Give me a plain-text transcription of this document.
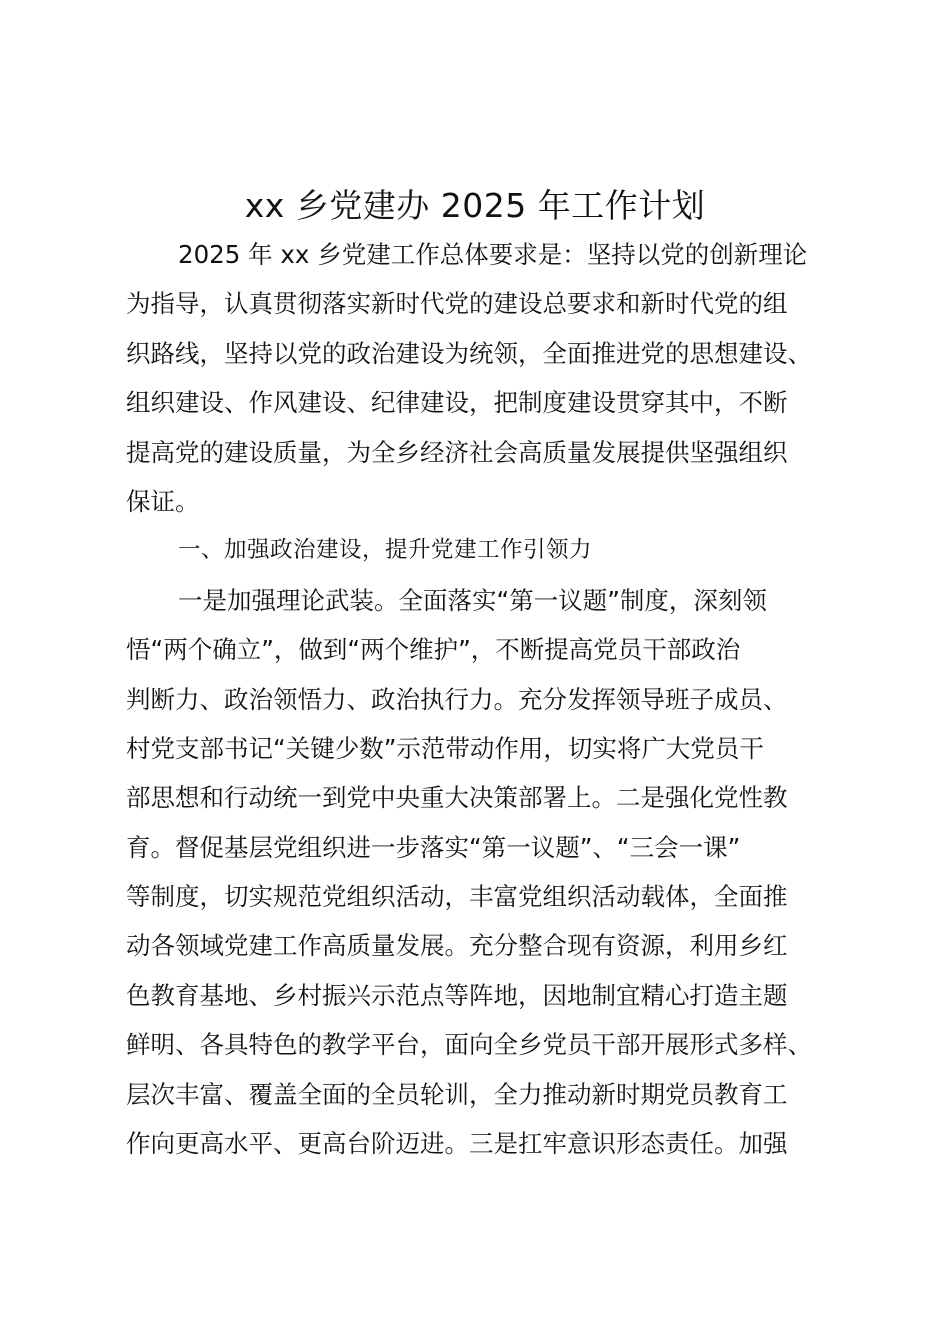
xx 乡党建办 2025 年工作计划
2025 年 xx 乡党建工作总体要求是：坚持以党的创新理论
为指导，认真贯彻落实新时代党的建设总要求和新时代党的组
织路线，坚持以党的政治建设为统领，全面推进党的思想建设、
组织建设、作风建设、纪律建设，把制度建设贯穿其中，不断
提高党的建设质量，为全乡经济社会高质量发展提供坚强组织
保证。
一、加强政治建设，提升党建工作引领力
一是加强理论武装。全面落实“第一议题”制度，深刻领
悟“两个确立”，做到“两个维护”，不断提高党员干部政治
判断力、政治领悟力、政治执行力。充分发挥领导班子成员、
村党支部书记“关键少数”示范带动作用，切实将广大党员干
部思想和行动统一到党中央重大决策部署上。二是强化党性教
育。督促基层党组织进一步落实“第一议题”、“三会一课”
等制度，切实规范党组织活动，丰富党组织活动载体，全面推
动各领域党建工作高质量发展。充分整合现有资源，利用乡红
色教育基地、乡村振兴示范点等阵地，因地制宜精心打造主题
鲜明、各具特色的教学平台，面向全乡党员干部开展形式多样、
层次丰富、覆盖全面的全员轮训，全力推动新时期党员教育工
作向更高水平、更高台阶迈进。三是扛牢意识形态责任。加强
